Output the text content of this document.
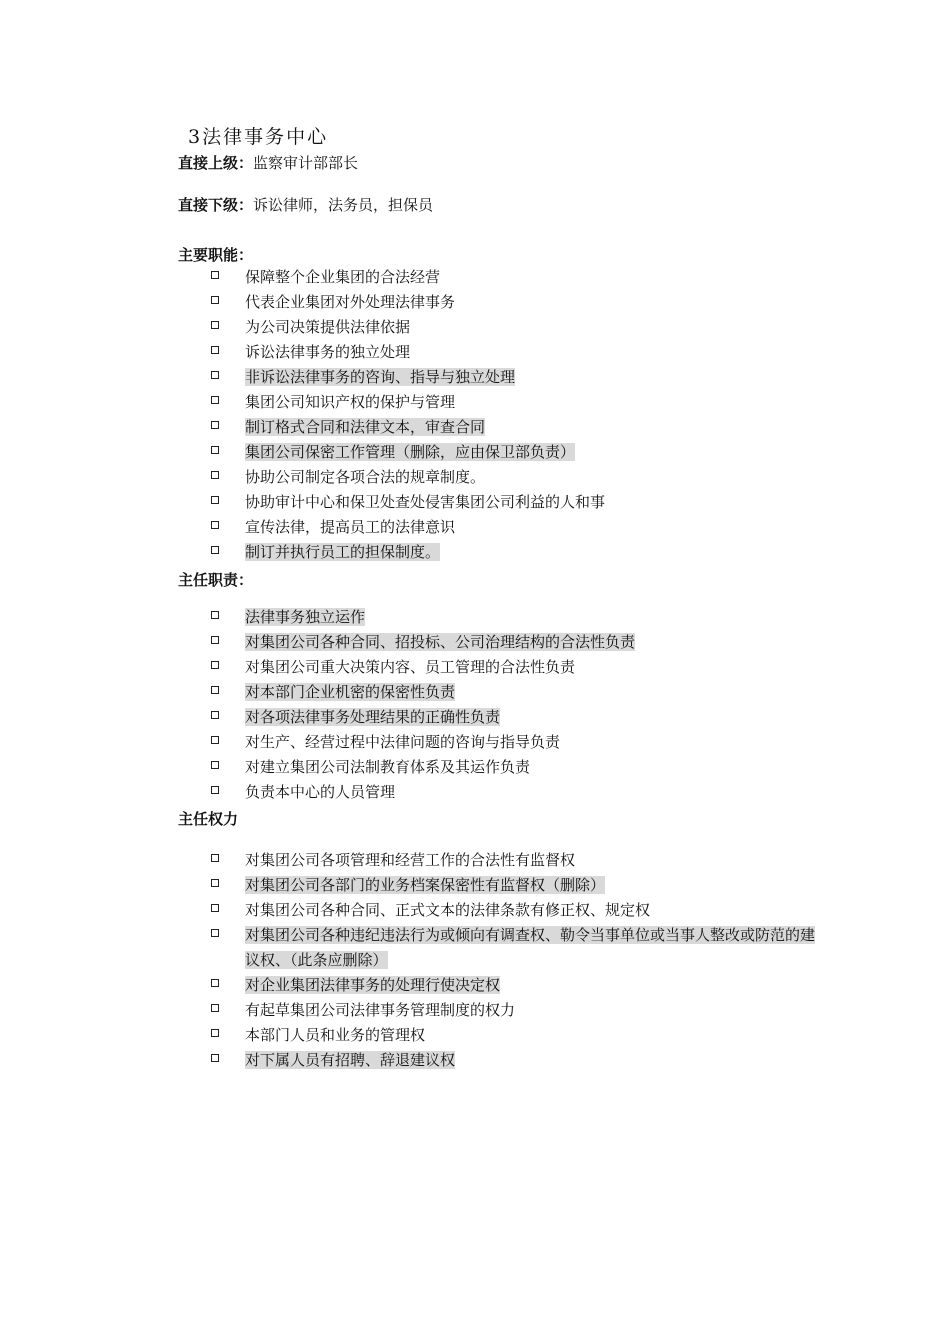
3法律事务中心
直接上级：监察审计部部长
直接下级：诉讼律师，法务员，担保员
主要职能：
保障整个企业集团的合法经营
代表企业集团对外处理法律事务
为公司决策提供法律依据
诉讼法律事务的独立处理
非诉讼法律事务的咨询、指导与独立处理
集团公司知识产权的保护与管理
制订格式合同和法律文本，审查合同
集团公司保密工作管理（删除，应由保卫部负责）
协助公司制定各项合法的规章制度。
协助审计中心和保卫处查处侵害集团公司利益的人和事
宣传法律，提高员工的法律意识
制订并执行员工的担保制度。
主任职责：
法律事务独立运作
对集团公司各种合同、招投标、公司治理结构的合法性负责
对集团公司重大决策内容、员工管理的合法性负责
对本部门企业机密的保密性负责
对各项法律事务处理结果的正确性负责
对生产、经营过程中法律问题的咨询与指导负责
对建立集团公司法制教育体系及其运作负责
负责本中心的人员管理
主任权力
对集团公司各项管理和经营工作的合法性有监督权
对集团公司各部门的业务档案保密性有监督权（删除）
对集团公司各种合同、正式文本的法律条款有修正权、规定权
对集团公司各种违纪违法行为或倾向有调查权、勒令当事单位或当事人整改或防范的建议权、（此条应删除）
对企业集团法律事务的处理行使决定权
有起草集团公司法律事务管理制度的权力
本部门人员和业务的管理权
对下属人员有招聘、辞退建议权
